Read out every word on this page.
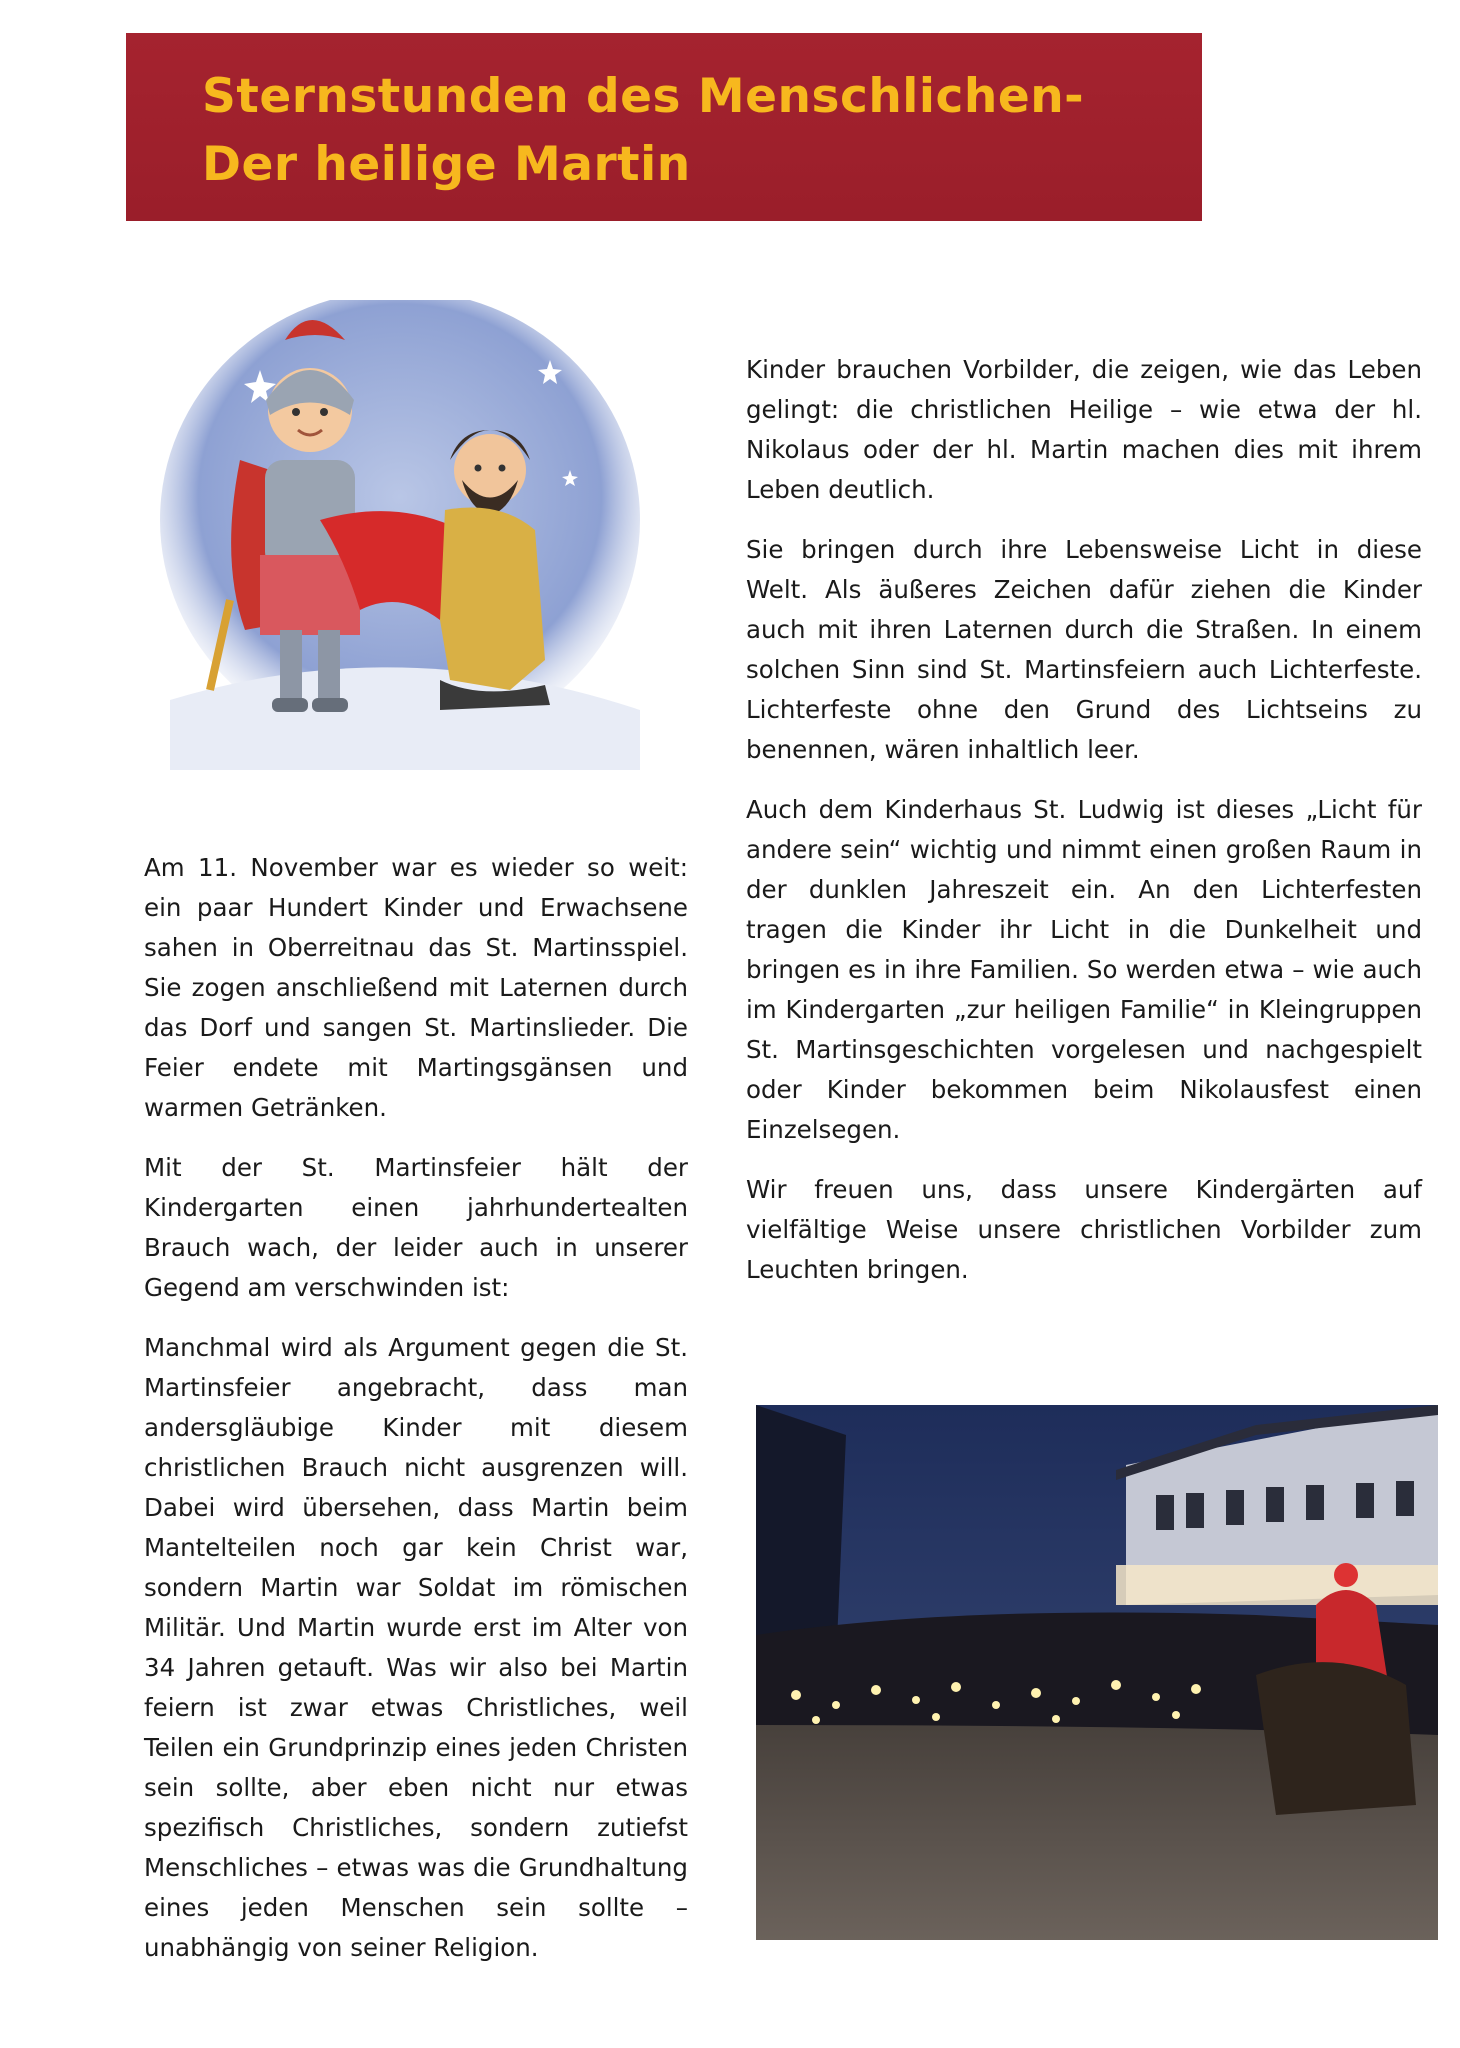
Sternstunden des Menschlichen-
Der heilige Martin

Am 11. November war es wieder so weit: ein paar Hundert Kinder und Erwachsene sahen in Oberreitnau das St. Martinsspiel. Sie zogen anschließend mit Laternen durch das Dorf und sangen St. Martinslieder. Die Feier endete mit Martingsgänsen und warmen Getränken.

Mit der St. Martinsfeier hält der Kindergarten einen jahrhundertealten Brauch wach, der leider auch in unserer Gegend am verschwinden ist:

Manchmal wird als Argument gegen die St. Martinsfeier angebracht, dass man andersgläubige Kinder mit diesem christlichen Brauch nicht ausgrenzen will. Dabei wird übersehen, dass Martin beim Mantelteilen noch gar kein Christ war, sondern Martin war Soldat im römischen Militär. Und Martin wurde erst im Alter von 34 Jahren getauft. Was wir also bei Martin feiern ist zwar etwas Christliches, weil Teilen ein Grundprinzip eines jeden Christen sein sollte, aber eben nicht nur etwas spezifisch Christliches, sondern zutiefst Menschliches – etwas was die Grundhaltung eines jeden Menschen sein sollte – unabhängig von seiner Religion.

Kinder brauchen Vorbilder, die zeigen, wie das Leben gelingt: die christlichen Heilige – wie etwa der hl. Nikolaus oder der hl. Martin machen dies mit ihrem Leben deutlich.

Sie bringen durch ihre Lebensweise Licht in diese Welt. Als äußeres Zeichen dafür ziehen die Kinder auch mit ihren Laternen durch die Straßen. In einem solchen Sinn sind St. Martinsfeiern auch Lichterfeste. Lichterfeste ohne den Grund des Lichtseins zu benennen, wären inhaltlich leer.

Auch dem Kinderhaus St. Ludwig ist dieses „Licht für andere sein“ wichtig und nimmt einen großen Raum in der dunklen Jahreszeit ein. An den Lichterfesten tragen die Kinder ihr Licht in die Dunkelheit und bringen es in ihre Familien. So werden etwa – wie auch im Kindergarten „zur heiligen Familie“ in Kleingruppen St. Martinsgeschichten vorgelesen und nachgespielt oder Kinder bekommen beim Nikolausfest einen Einzelsegen.

Wir freuen uns, dass unsere Kindergärten auf vielfältige Weise unsere christlichen Vorbilder zum Leuchten bringen.
